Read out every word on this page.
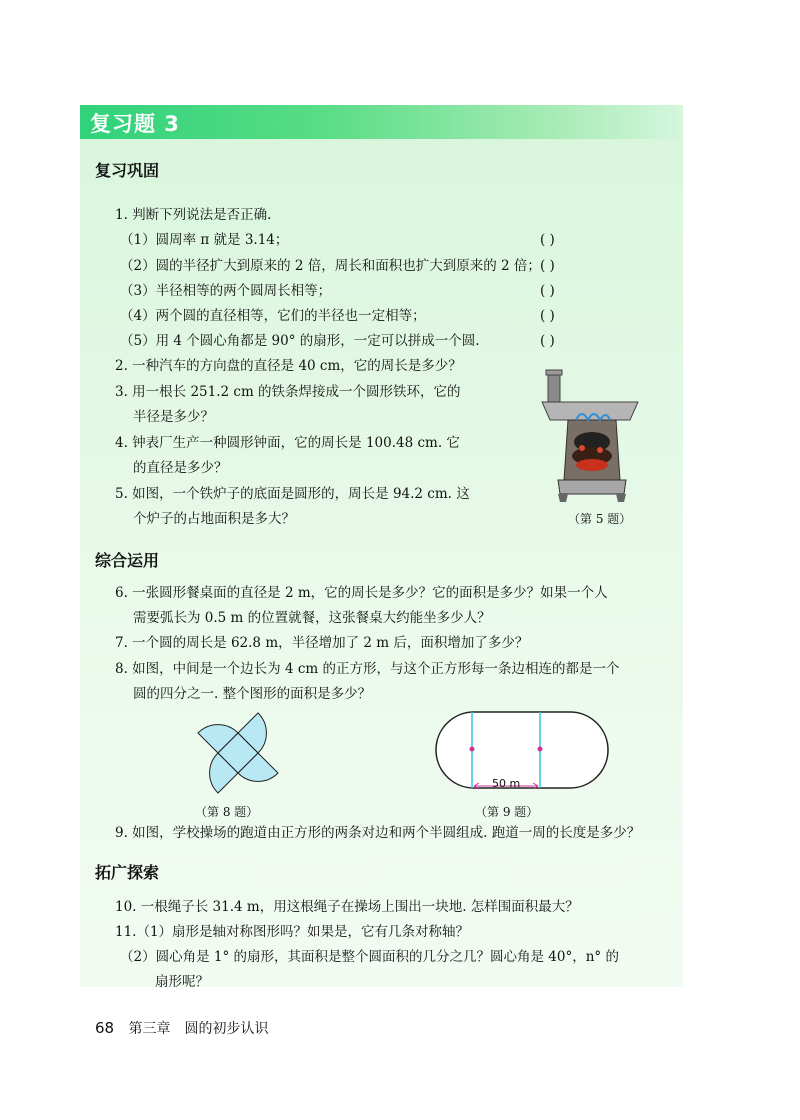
复习题 3
复习巩固
1. 判断下列说法是否正确.
（1）圆周率 π 就是 3.14；	( )
（2）圆的半径扩大到原来的 2 倍，周长和面积也扩大到原来的 2 倍； ( )
（3）半径相等的两个圆周长相等；	( )
（4）两个圆的直径相等，它们的半径也一定相等；	( )
（5）用 4 个圆心角都是 90° 的扇形，一定可以拼成一个圆.	( )
2. 一种汽车的方向盘的直径是 40 cm，它的周长是多少？
3. 用一根长 251.2 cm 的铁条焊接成一个圆形铁环，它的
半径是多少？
4. 钟表厂生产一种圆形钟面，它的周长是 100.48 cm. 它
的直径是多少？
5. 如图，一个铁炉子的底面是圆形的，周长是 94.2 cm. 这
个炉子的占地面积是多大？	（第 5 题）
综合运用
6. 一张圆形餐桌面的直径是 2 m，它的周长是多少？它的面积是多少？如果一个人
需要弧长为 0.5 m 的位置就餐，这张餐桌大约能坐多少人？
7. 一个圆的周长是 62.8 m，半径增加了 2 m 后，面积增加了多少？
8. 如图，中间是一个边长为 4 cm 的正方形，与这个正方形每一条边相连的都是一个
圆的四分之一. 整个图形的面积是多少？
（第 8 题）
50 m
（第 9 题）
9. 如图，学校操场的跑道由正方形的两条对边和两个半圆组成. 跑道一周的长度是多少？
拓广探索
10. 一根绳子长 31.4 m，用这根绳子在操场上围出一块地. 怎样围面积最大？
11.（1）扇形是轴对称图形吗？如果是，它有几条对称轴？
（2）圆心角是 1° 的扇形，其面积是整个圆面积的几分之几？圆心角是 40°，n° 的
扇形呢？
68 第三章　圆的初步认识
